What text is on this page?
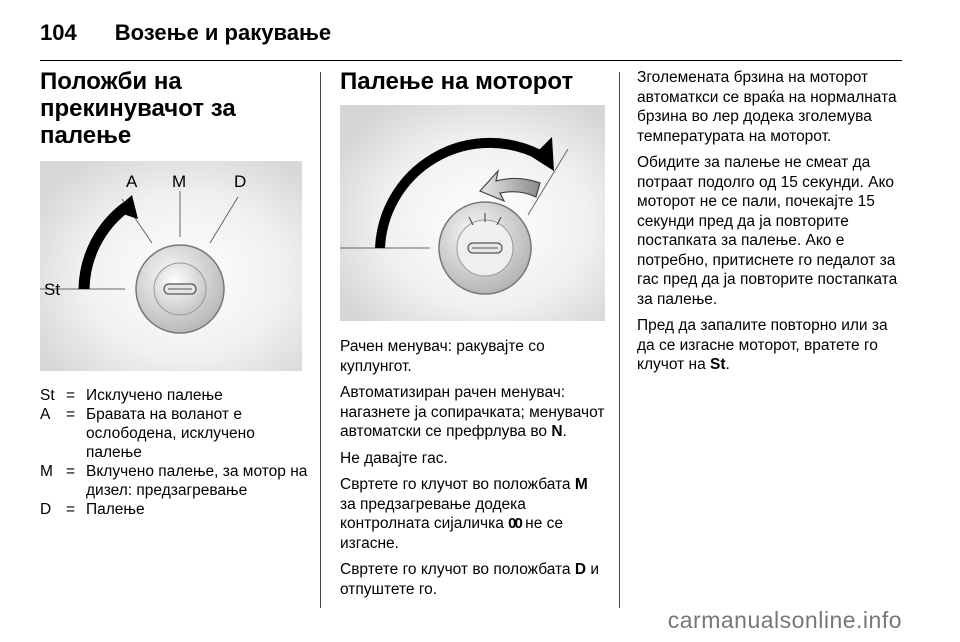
104 Возење и ракување
Положби на прекинувачот за палење
A M	D
St
St = Исклучено палење
A	= Бравата на воланот е ослободена, исклучено палење
M = Вклучено палење, за мотор на дизел: предзагревање
D = Палење
Палење на моторот

Рачен менувач: ракувајте со куплунгот.

Автоматизиран рачен менувач: нагазнете ја сопирачката; менувачот автоматски се префрлува во N.

Не давајте гас.

Свртете го клучот во положбата M за предзагревање додека контролната сијаличка 00 не се изгасне.

Свртете го клучот во положбата D и отпуштете го.

Зголемената брзина на моторот автоматкси се враќа на нормалната брзина во лер додека зголемува температурата на моторот.

Обидите за палење не смеат да потраат подолго од 15 секунди. Ако моторот не се пали, почекајте 15 секунди пред да ја повторите постапката за палење. Ако е потребно, притиснете го педалот за гас пред да ја повторите постапката за палење.

Пред да запалите повторно или за да се изгасне моторот, вратете го клучот на St.

carmanualsonline.info
